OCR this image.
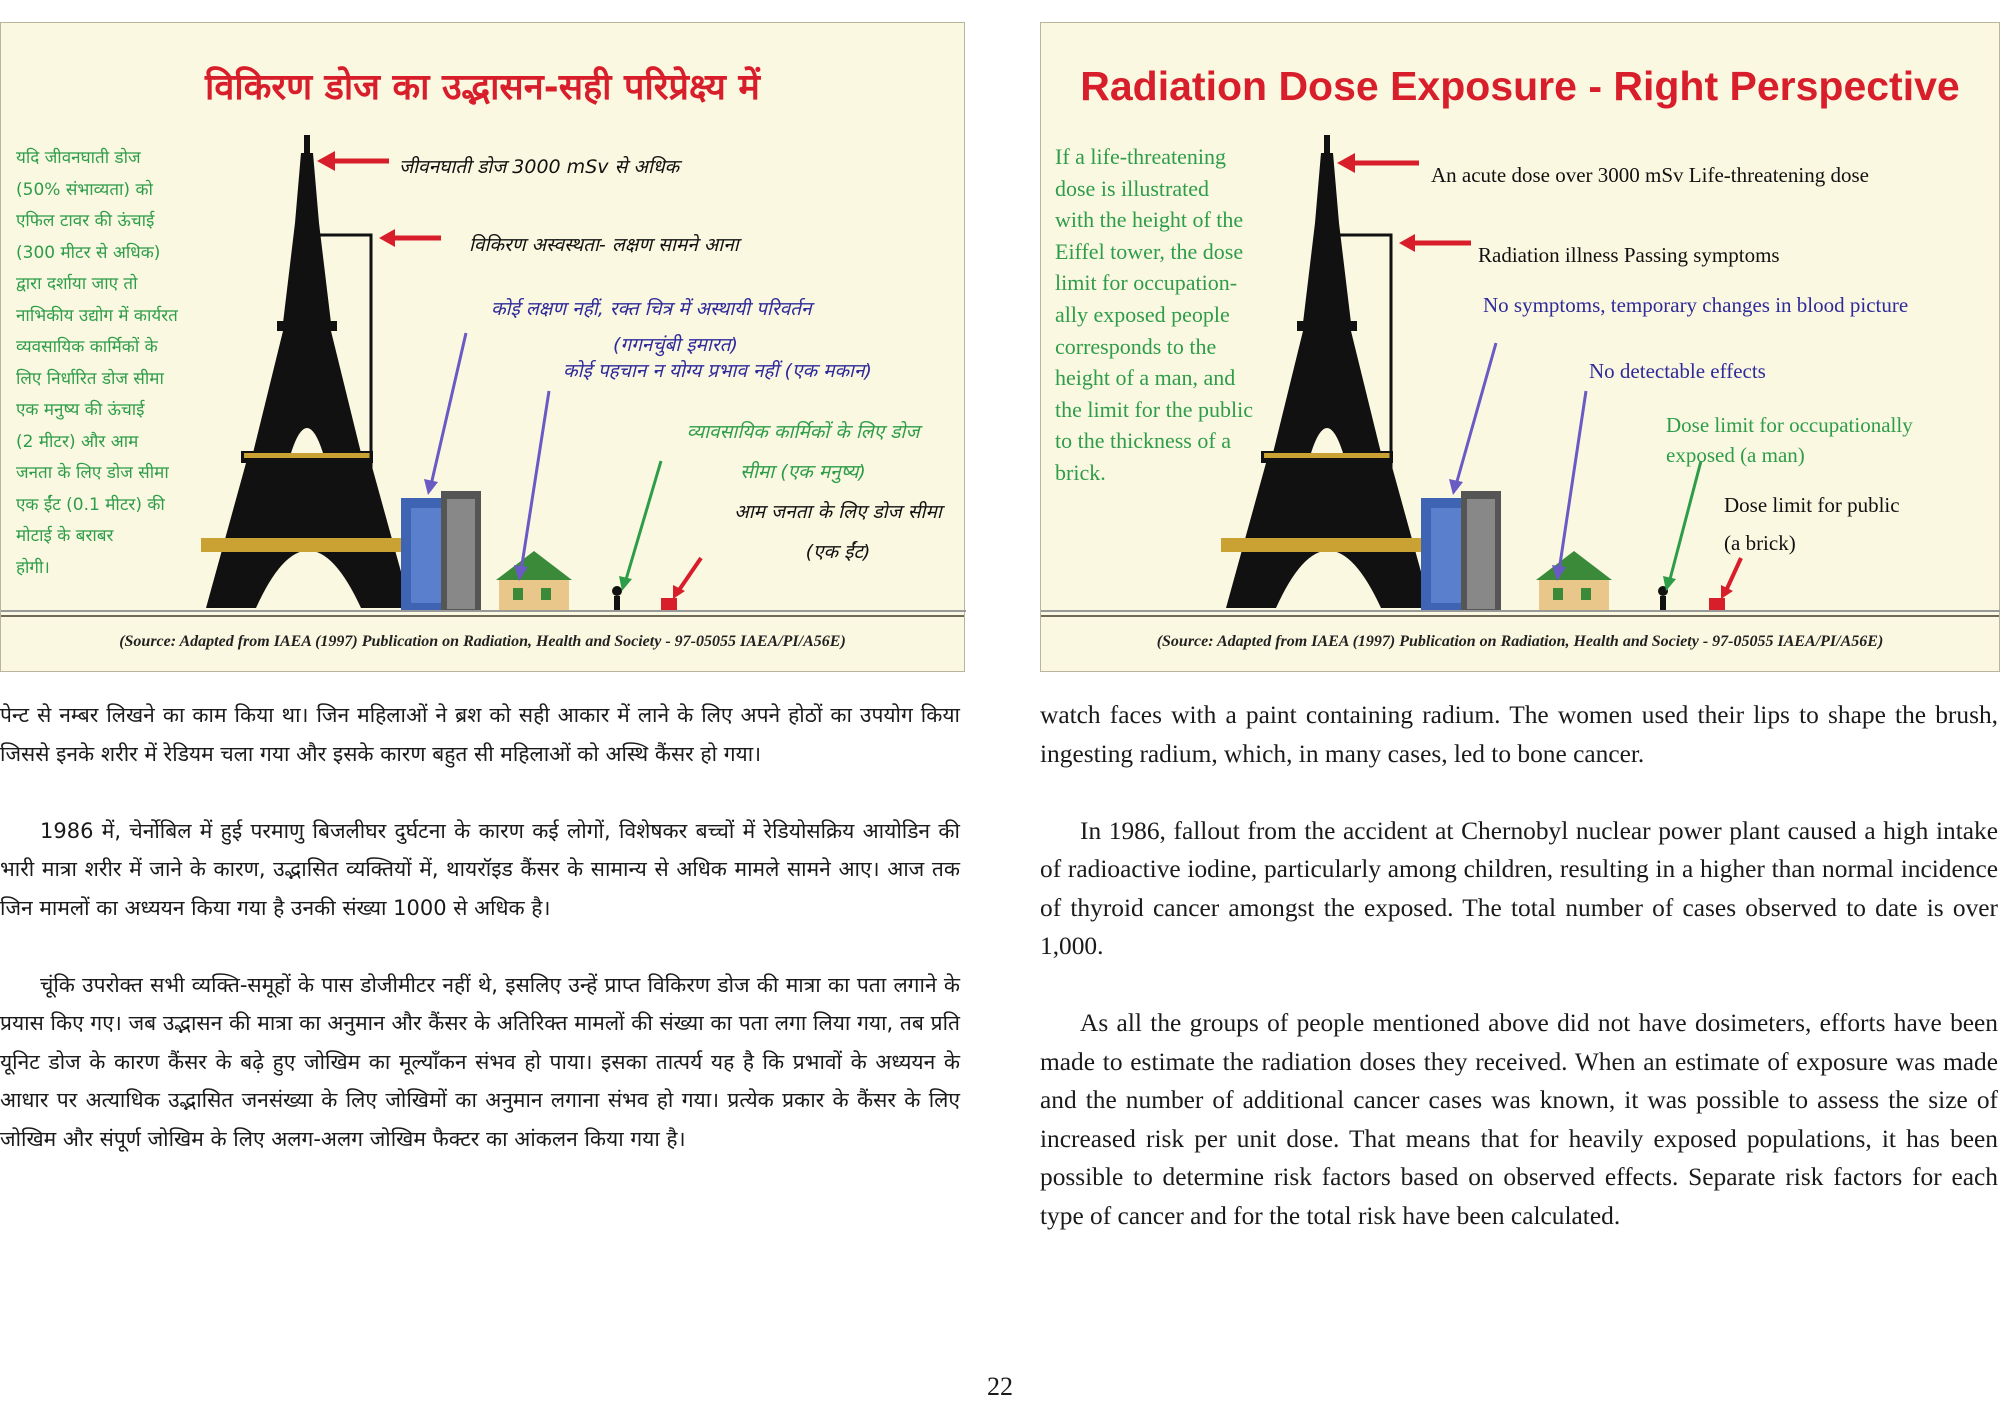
विकिरण डोज का उद्भासन-सही परिप्रेक्ष्य में
यदि जीवनघाती डोज
(50% संभाव्यता) को
एफिल टावर की ऊंचाई
(300 मीटर से अधिक)
द्वारा दर्शाया जाए तो
नाभिकीय उद्योग में कार्यरत
व्यवसायिक कार्मिकों के
लिए निर्धारित डोज सीमा
एक मनुष्य की ऊंचाई
(2 मीटर) और आम
जनता के लिए डोज सीमा
एक ईंट (0.1 मीटर) की
मोटाई के बराबर
होगी।
जीवनघाती डोज 3000 mSv से अधिक
विकिरण अस्वस्थता- लक्षण सामने आना
कोई लक्षण नहीं, रक्त चित्र में अस्थायी परिवर्तन
(गगनचुंबी इमारत)
कोई पहचान न योग्य प्रभाव नहीं (एक मकान)
व्यावसायिक कार्मिकों के लिए डोज
सीमा (एक मनुष्य)
आम जनता के लिए डोज सीमा
(एक ईंट)
(Source: Adapted from IAEA (1997) Publication on Radiation, Health and Society - 97-05055 IAEA/PI/A56E)
Radiation Dose Exposure - Right Perspective
If a life-threatening
dose is illustrated
with the height of the
Eiffel tower, the dose
limit for occupation-
ally exposed people
corresponds to the
height of a man, and
the limit for the public
to the thickness of a
brick.
An acute dose over 3000 mSv Life-threatening dose
Radiation illness Passing symptoms
No symptoms, temporary changes in blood picture
No detectable effects
Dose limit for occupationally
exposed (a man)
Dose limit for public
(a brick)
(Source: Adapted from IAEA (1997) Publication on Radiation, Health and Society - 97-05055 IAEA/PI/A56E)

पेन्ट से नम्बर लिखने का काम किया था। जिन महिलाओं ने ब्रश को सही आकार में लाने के लिए अपने होठों का उपयोग किया जिससे इनके शरीर में रेडियम चला गया और इसके कारण बहुत सी महिलाओं को अस्थि कैंसर हो गया।

1986 में, चेर्नोबिल में हुई परमाणु बिजलीघर दुर्घटना के कारण कई लोगों, विशेषकर बच्चों में रेडियोसक्रिय आयोडिन की भारी मात्रा शरीर में जाने के कारण, उद्भासित व्यक्तियों में, थायरॉइड कैंसर के सामान्य से अधिक मामले सामने आए। आज तक जिन मामलों का अध्ययन किया गया है उनकी संख्या 1000 से अधिक है।

चूंकि उपरोक्त सभी व्यक्ति-समूहों के पास डोजीमीटर नहीं थे, इसलिए उन्हें प्राप्त विकिरण डोज की मात्रा का पता लगाने के प्रयास किए गए। जब उद्भासन की मात्रा का अनुमान और कैंसर के अतिरिक्त मामलों की संख्या का पता लगा लिया गया, तब प्रति यूनिट डोज के कारण कैंसर के बढ़े हुए जोखिम का मूल्यॉंकन संभव हो पाया। इसका तात्पर्य यह है कि प्रभावों के अध्ययन के आधार पर अत्याधिक उद्भासित जनसंख्या के लिए जोखिमों का अनुमान लगाना संभव हो गया। प्रत्येक प्रकार के कैंसर के लिए जोखिम और संपूर्ण जोखिम के लिए अलग-अलग जोखिम फैक्टर का आंकलन किया गया है।

watch faces with a paint containing radium. The women used their lips to shape the brush, ingesting radium, which, in many cases, led to bone cancer.

In 1986, fallout from the accident at Chernobyl nuclear power plant caused a high intake of radioactive iodine, particularly among children, resulting in a higher than normal incidence of thyroid cancer amongst the exposed. The total number of cases observed to date is over 1,000.

As all the groups of people mentioned above did not have dosimeters, efforts have been made to estimate the radiation doses they received. When an estimate of exposure was made and the number of additional cancer cases was known, it was possible to assess the size of increased risk per unit dose. That means that for heavily exposed populations, it has been possible to determine risk factors based on observed effects. Separate risk factors for each type of cancer and for the total risk have been calculated.

22
